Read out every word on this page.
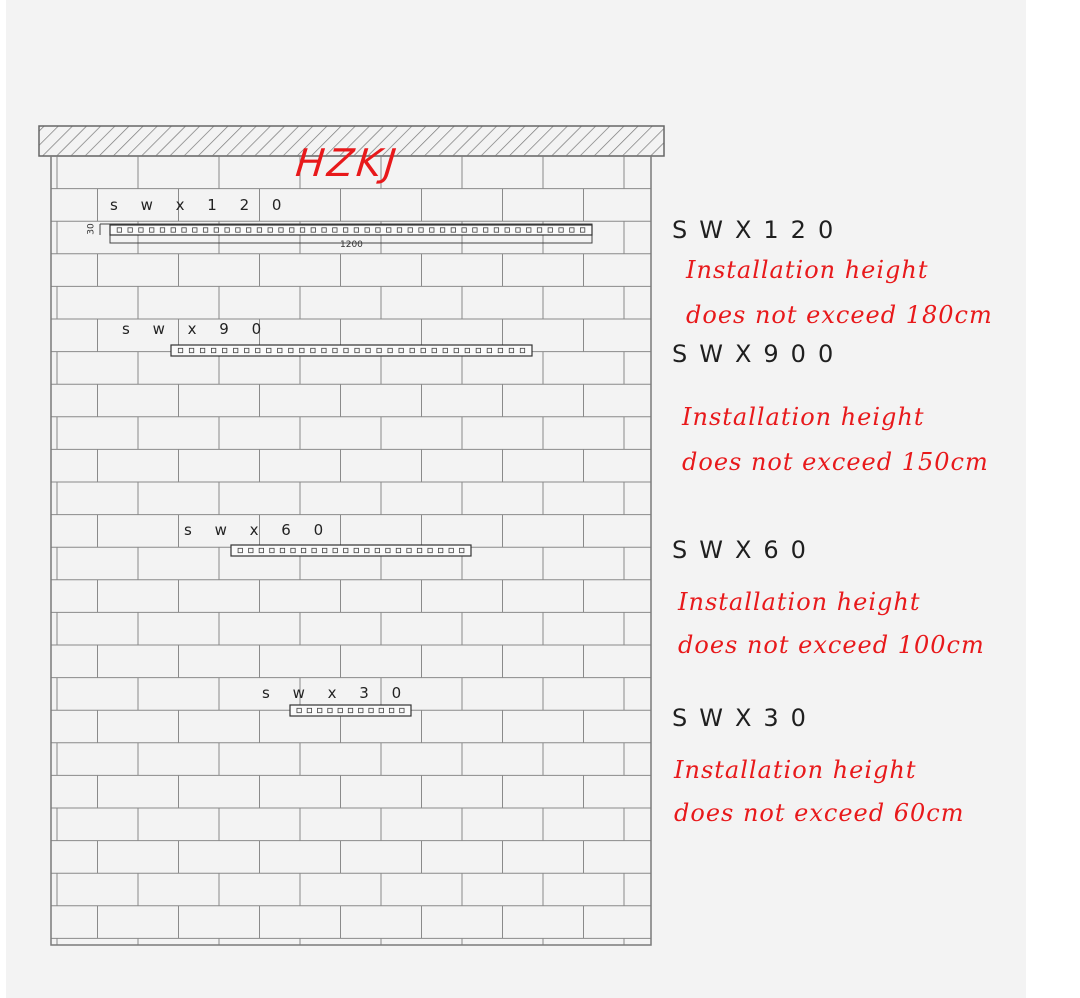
HZKJ
s w x 1 2 0
s w x 9 0
s w x 6 0
s w x 3 0
30
1200
SWX120
Installation height
does not exceed 180cm
SWX900
Installation height
does not exceed 150cm
SWX60
Installation height
does not exceed 100cm
SWX30
Installation height
does not exceed 60cm
